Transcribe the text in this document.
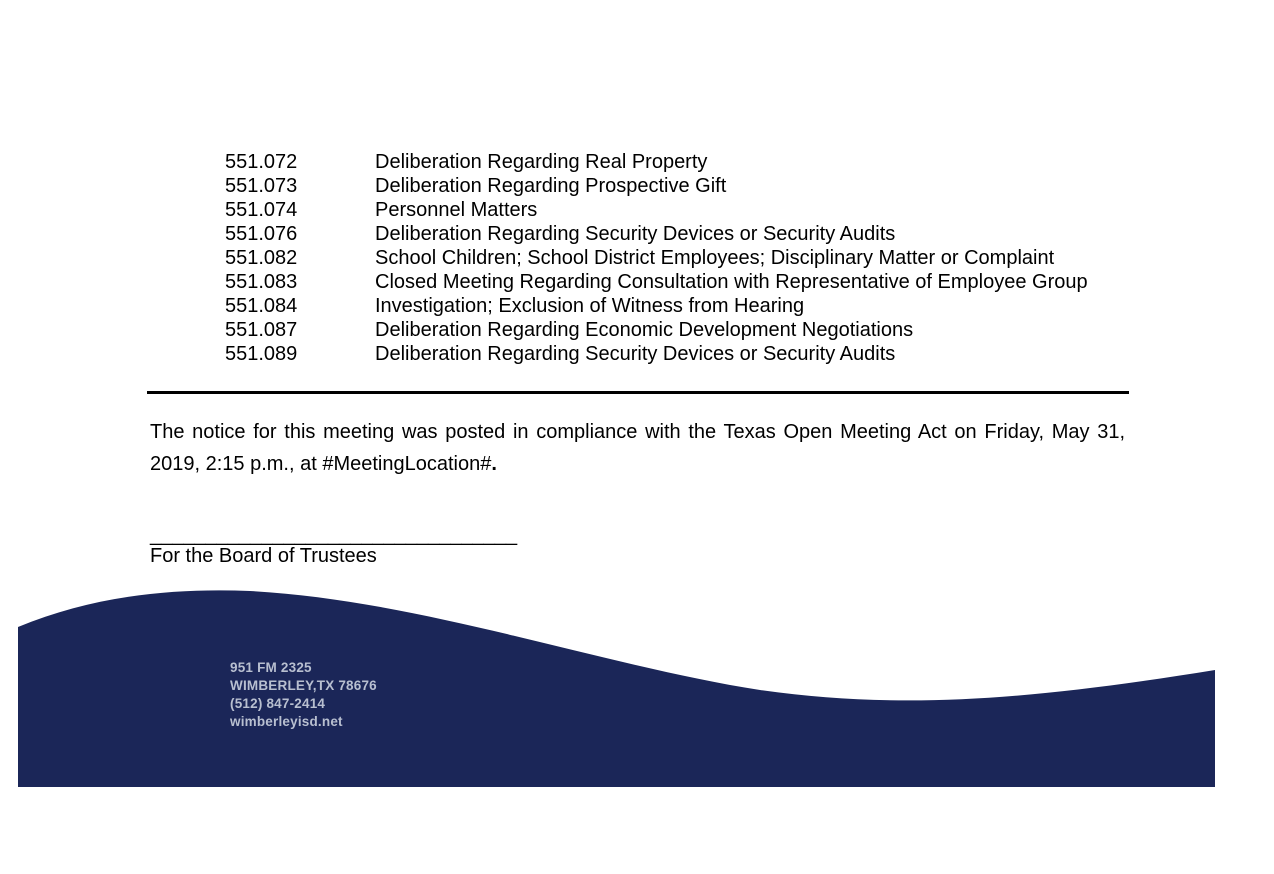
551.072	Deliberation Regarding Real Property
551.073	Deliberation Regarding Prospective Gift
551.074	Personnel Matters
551.076	Deliberation Regarding Security Devices or Security Audits
551.082	School Children; School District Employees; Disciplinary Matter or Complaint
551.083	Closed Meeting Regarding Consultation with Representative of Employee Group
551.084	Investigation; Exclusion of Witness from Hearing
551.087	Deliberation Regarding Economic Development Negotiations
551.089	Deliberation Regarding Security Devices or Security Audits

The notice for this meeting was posted in compliance with the Texas Open Meeting Act on Friday, May 31, 2019, 2:15 p.m., at #MeetingLocation#.

_________________________________
For the Board of Trustees
951 FM 2325
WIMBERLEY,TX 78676
(512) 847-2414
wimberleyisd.net
